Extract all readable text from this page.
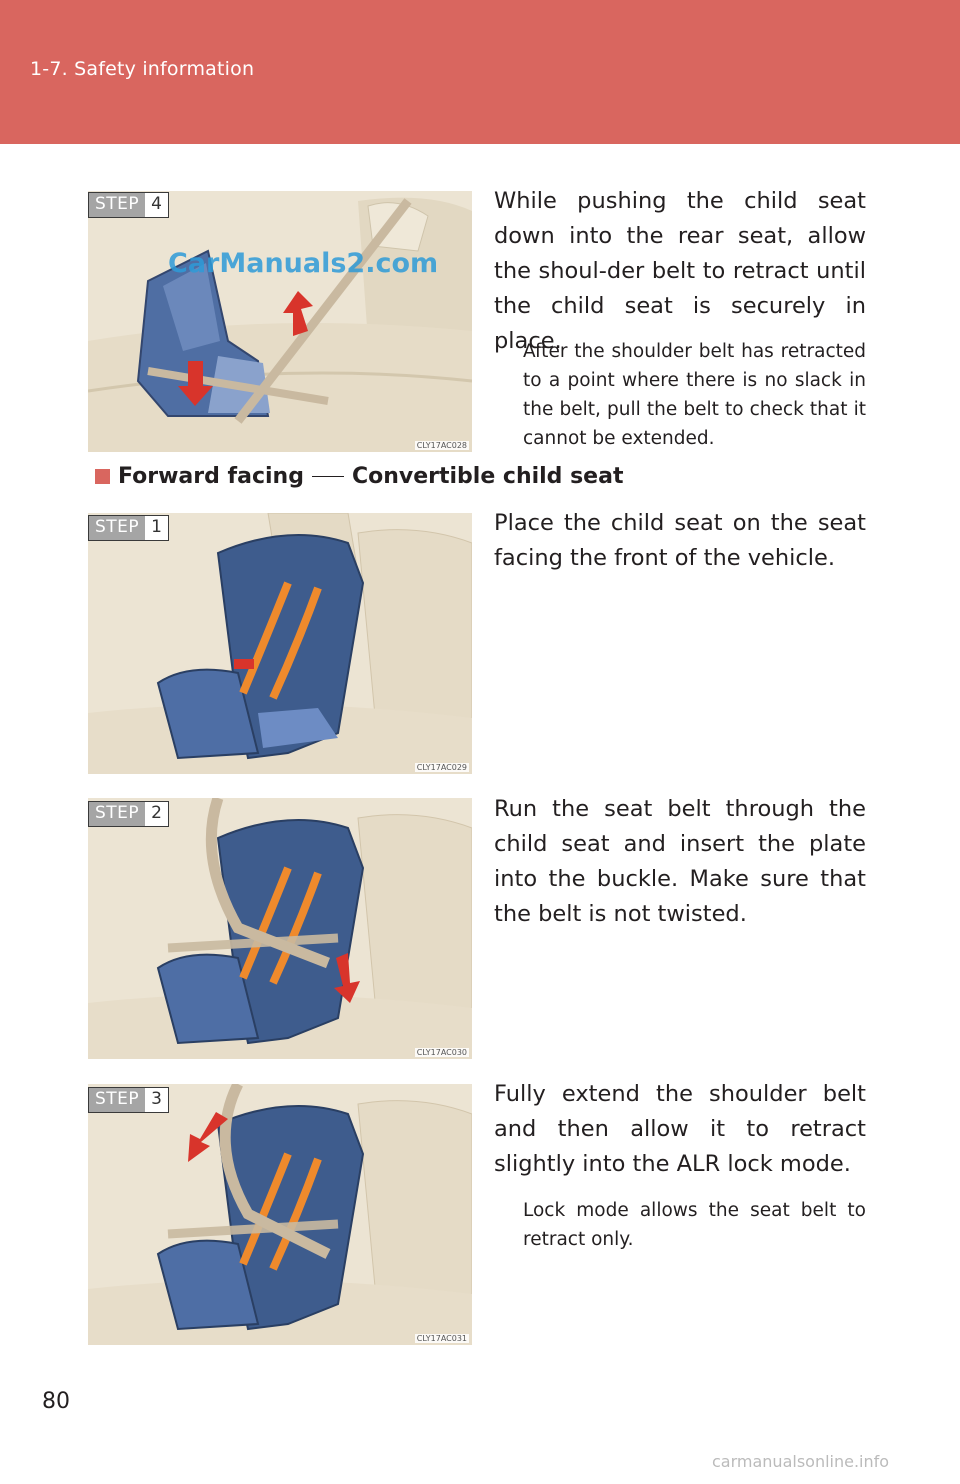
1-7. Safety information
CLY17AC028
STEP 4
CarManuals2.com
While pushing the child seat down into the rear seat, allow the shoul-der belt to retract until the child seat is securely in place.
After the shoulder belt has retracted to a point where there is no slack in the belt, pull the belt to check that it cannot be extended.
Forward facing Convertible child seat
CLY17AC029
STEP 1	Place the child seat on the seat facing the front of the vehicle.
CLY17AC030
STEP 2	Run the seat belt through the child seat and insert the plate into the buckle. Make sure that the belt is not twisted.
CLY17AC031
STEP 3	Fully extend the shoulder belt and then allow it to retract slightly into the ALR lock mode.
Lock mode allows the seat belt to retract only.
80
carmanualsonline.info
